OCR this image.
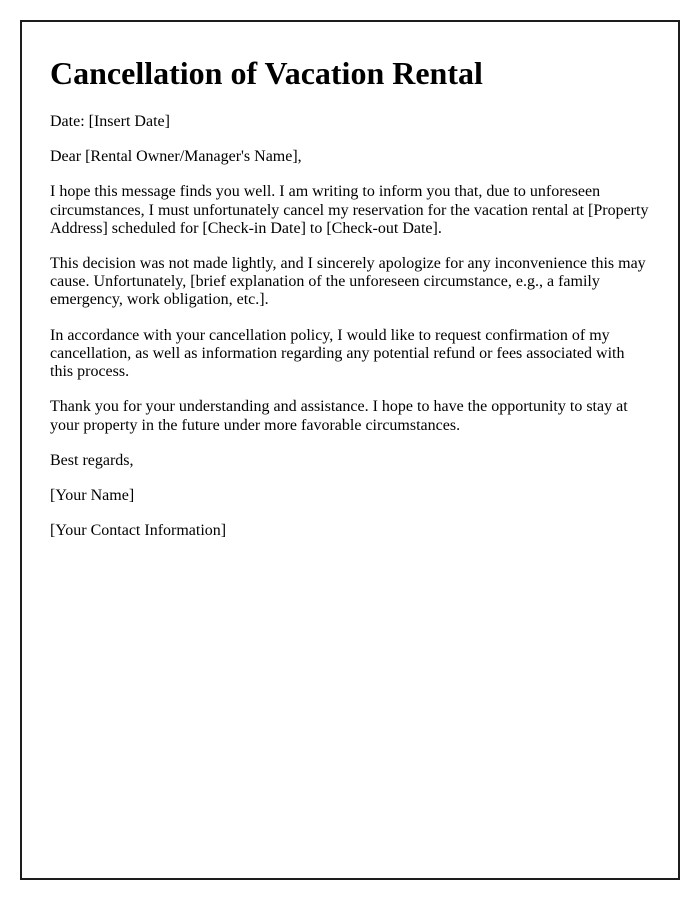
Cancellation of Vacation Rental

Date: [Insert Date]

Dear [Rental Owner/Manager's Name],

I hope this message finds you well. I am writing to inform you that, due to unforeseen circumstances, I must unfortunately cancel my reservation for the vacation rental at [Property Address] scheduled for [Check-in Date] to [Check-out Date].

This decision was not made lightly, and I sincerely apologize for any inconvenience this may cause. Unfortunately, [brief explanation of the unforeseen circumstance, e.g., a family emergency, work obligation, etc.].

In accordance with your cancellation policy, I would like to request confirmation of my cancellation, as well as information regarding any potential refund or fees associated with this process.

Thank you for your understanding and assistance. I hope to have the opportunity to stay at your property in the future under more favorable circumstances.

Best regards,

[Your Name]

[Your Contact Information]
